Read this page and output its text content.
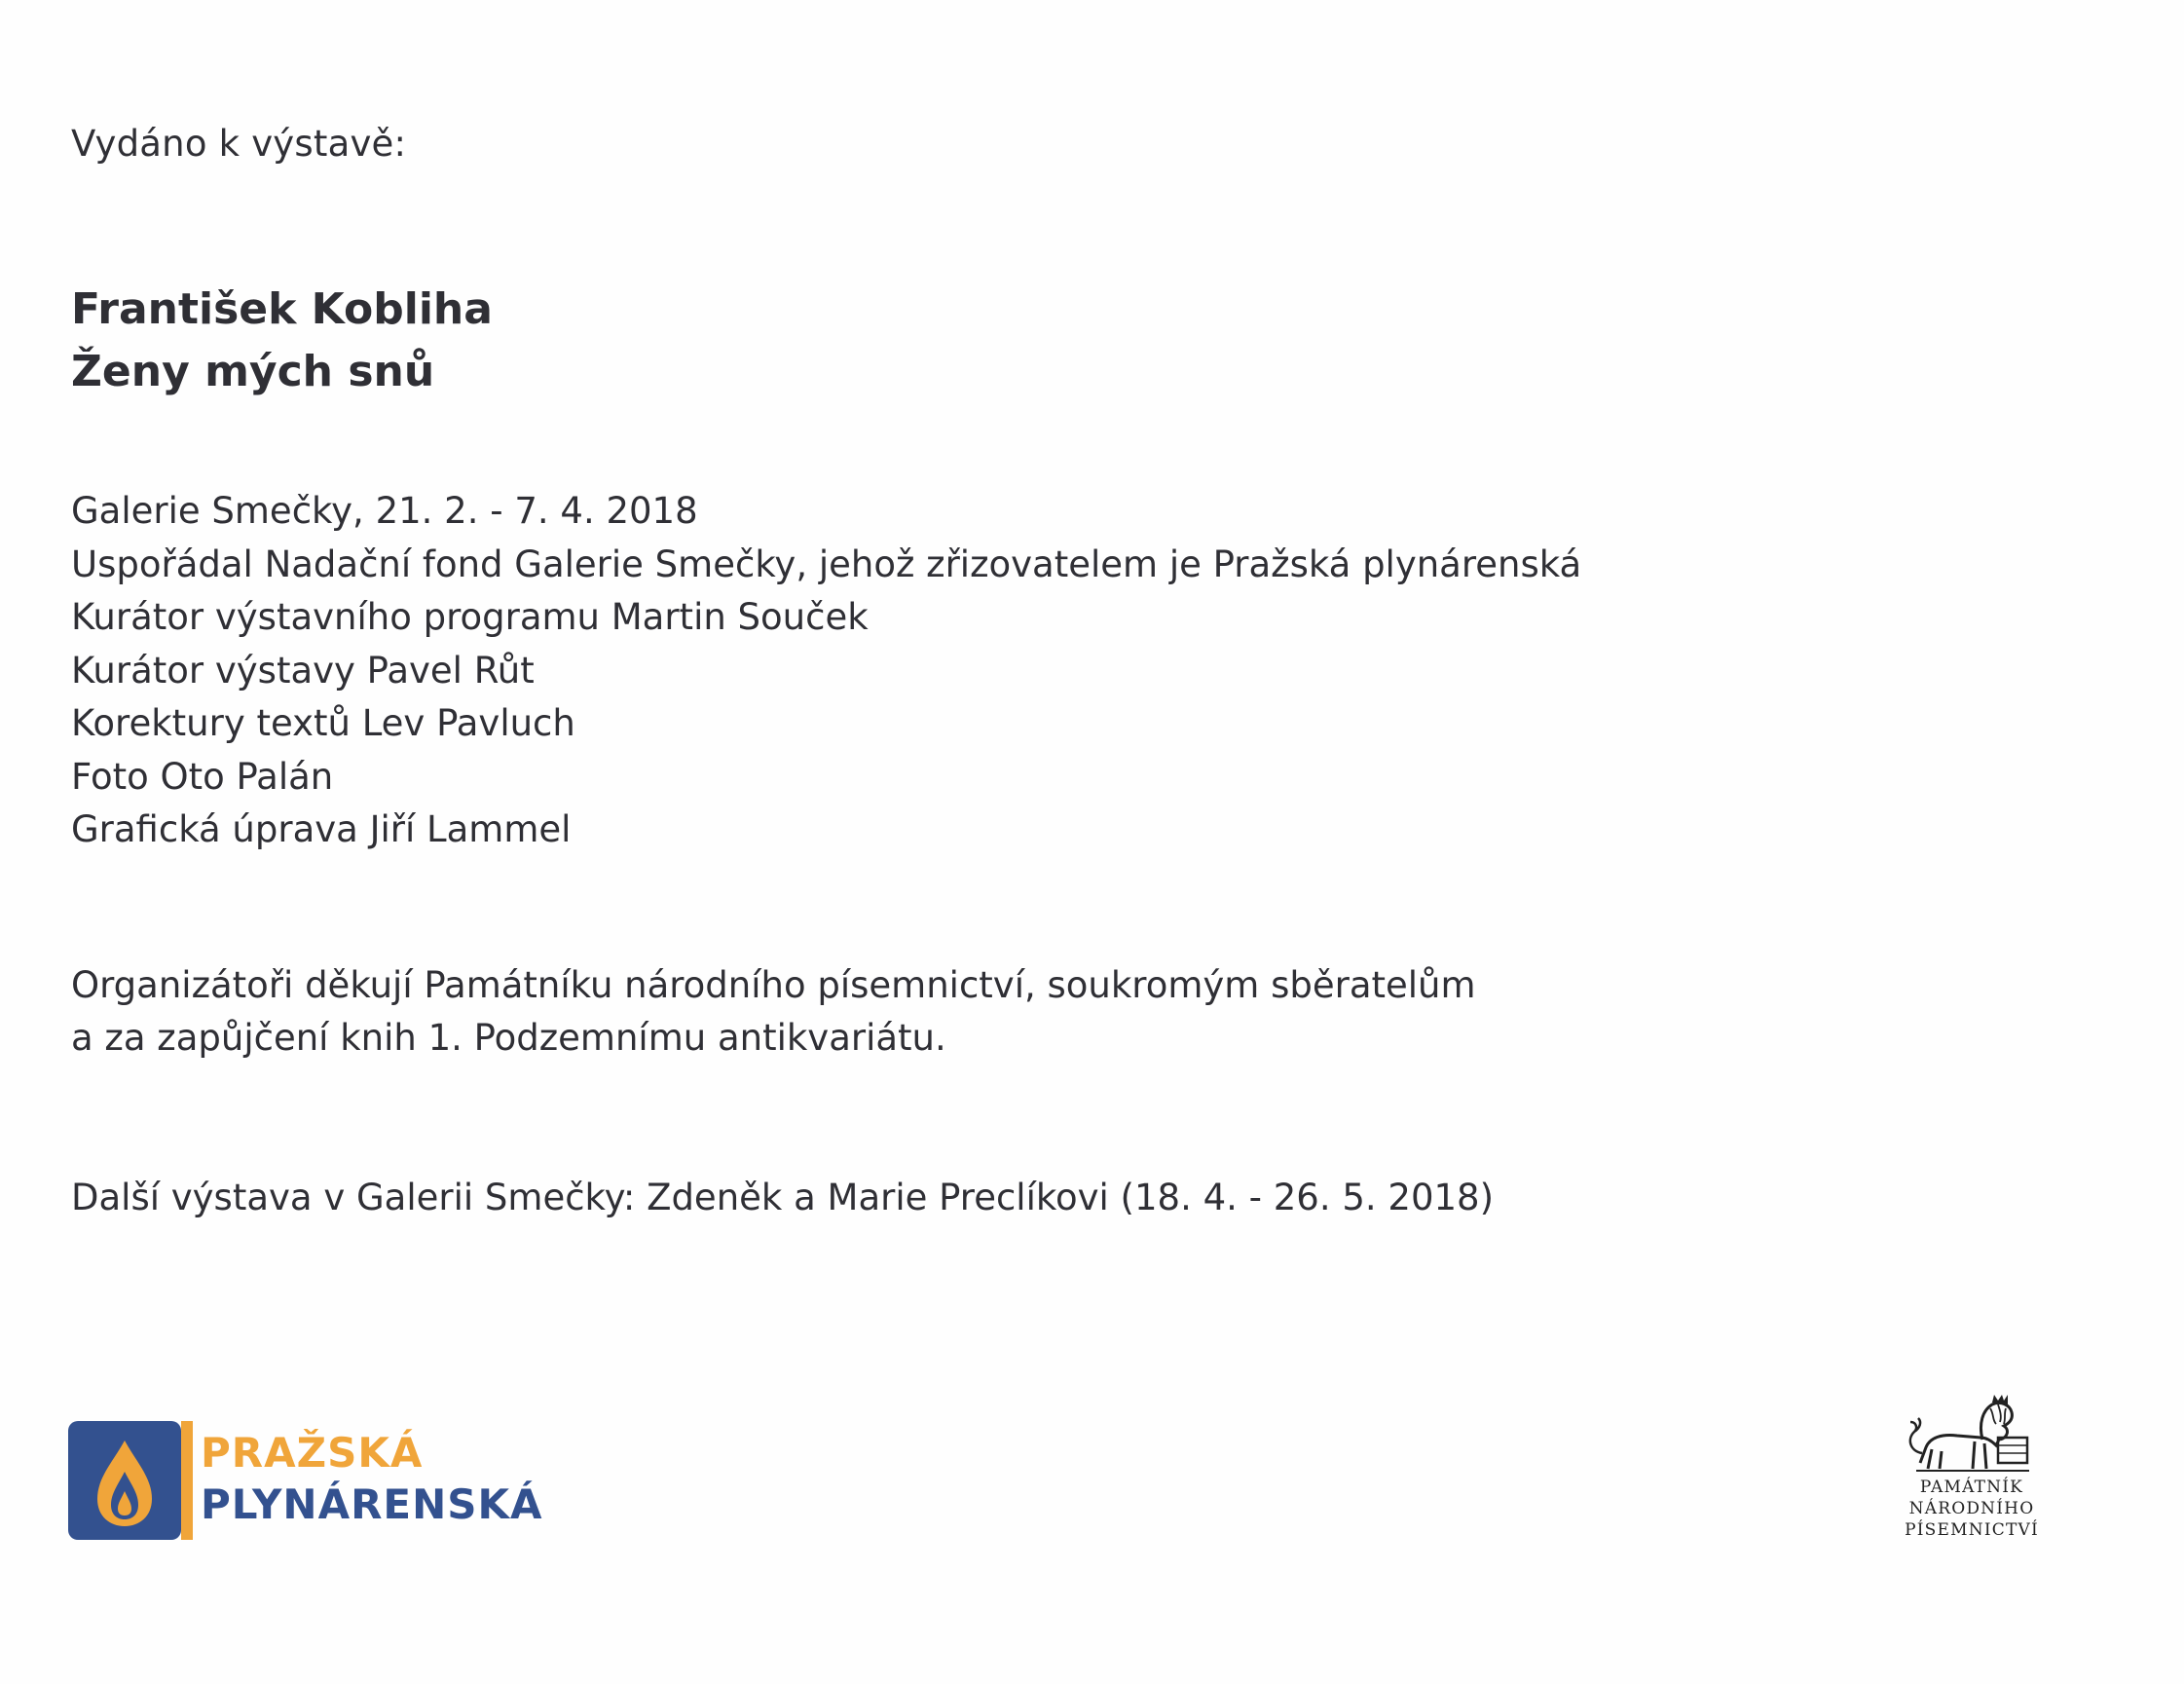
Vydáno k výstavě:
František Kobliha
Ženy mých snů
Galerie Smečky, 21. 2. - 7. 4. 2018
Uspořádal Nadační fond Galerie Smečky, jehož zřizovatelem je Pražská plynárenská
Kurátor výstavního programu Martin Souček
Kurátor výstavy Pavel Růt
Korektury textů Lev Pavluch
Foto Oto Palán
Grafická úprava Jiří Lammel
Organizátoři děkují Památníku národního písemnictví, soukromým sběratelům
a za zapůjčení knih 1. Podzemnímu antikvariátu.
Další výstava v Galerii Smečky: Zdeněk a Marie Preclíkovi (18. 4. - 26. 5. 2018)
PRAŽSKÁ
PLYNÁRENSKÁ	PAMÁTNÍK
NÁRODNÍHO
PÍSEMNICTVÍ
